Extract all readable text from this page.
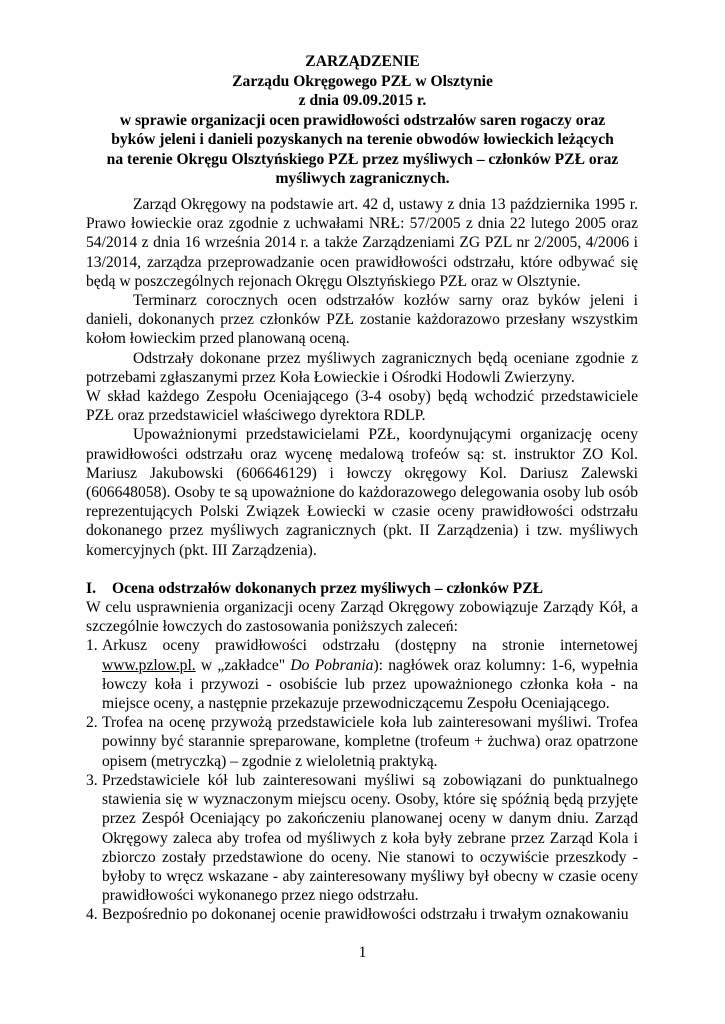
ZARZĄDZENIE
Zarządu Okręgowego PZŁ w Olsztynie
z dnia 09.09.2015 r.
w sprawie organizacji ocen prawidłowości odstrzałów saren rogaczy oraz
byków jeleni i danieli pozyskanych na terenie obwodów łowieckich leżących
na terenie Okręgu Olsztyńskiego PZŁ przez myśliwych – członków PZŁ oraz
myśliwych zagranicznych.

Zarząd Okręgowy na podstawie art. 42 d, ustawy z dnia 13 października 1995 r. Prawo łowieckie oraz zgodnie z uchwałami NRŁ: 57/2005 z dnia 22 lutego 2005 oraz 54/2014 z dnia 16 września 2014 r. a także Zarządzeniami ZG PZL nr 2/2005, 4/2006 i 13/2014, zarządza przeprowadzanie ocen prawidłowości odstrzału, które odbywać się będą w poszczególnych rejonach Okręgu Olsztyńskiego PZŁ oraz w Olsztynie.

Terminarz corocznych ocen odstrzałów kozłów sarny oraz byków jeleni i danieli, dokonanych przez członków PZŁ zostanie każdorazowo przesłany wszystkim kołom łowieckim przed planowaną oceną.

Odstrzały dokonane przez myśliwych zagranicznych będą oceniane zgodnie z potrzebami zgłaszanymi przez Koła Łowieckie i Ośrodki Hodowli Zwierzyny.

W skład każdego Zespołu Oceniającego (3-4 osoby) będą wchodzić przedstawiciele PZŁ oraz przedstawiciel właściwego dyrektora RDLP.

Upoważnionymi przedstawicielami PZŁ, koordynującymi organizację oceny prawidłowości odstrzału oraz wycenę medalową trofeów są: st. instruktor ZO Kol. Mariusz Jakubowski (606646129) i łowczy okręgowy Kol. Dariusz Zalewski (606648058). Osoby te są upoważnione do każdorazowego delegowania osoby lub osób reprezentujących Polski Związek Łowiecki w czasie oceny prawidłowości odstrzału dokonanego przez myśliwych zagranicznych (pkt. II Zarządzenia) i tzw. myśliwych komercyjnych (pkt. III Zarządzenia).

I.	Ocena odstrzałów dokonanych przez myśliwych – członków PZŁ

W celu usprawnienia organizacji oceny Zarząd Okręgowy zobowiązuje Zarządy Kół, a szczególnie łowczych do zastosowania poniższych zaleceń:

1. Arkusz oceny prawidłowości odstrzału (dostępny na stronie internetowej www.pzlow.pl. w „zakładce" Do Pobrania): nagłówek oraz kolumny: 1-6, wypełnia łowczy koła i przywozi - osobiście lub przez upoważnionego członka koła - na miejsce oceny, a następnie przekazuje przewodniczącemu Zespołu Oceniającego.
2. Trofea na ocenę przywożą przedstawiciele koła lub zainteresowani myśliwi. Trofea powinny być starannie spreparowane, kompletne (trofeum + żuchwa) oraz opatrzone opisem (metryczką) – zgodnie z wieloletnią praktyką.
3. Przedstawiciele kół lub zainteresowani myśliwi są zobowiązani do punktualnego stawienia się w wyznaczonym miejscu oceny. Osoby, które się spóźnią będą przyjęte przez Zespół Oceniający po zakończeniu planowanej oceny w danym dniu. Zarząd Okręgowy zaleca aby trofea od myśliwych z koła były zebrane przez Zarząd Kola i zbiorczo zostały przedstawione do oceny. Nie stanowi to oczywiście przeszkody - byłoby to wręcz wskazane - aby zainteresowany myśliwy był obecny w czasie oceny prawidłowości wykonanego przez niego odstrzału.
4. Bezpośrednio po dokonanej ocenie prawidłowości odstrzału i trwałym oznakowaniu
1
